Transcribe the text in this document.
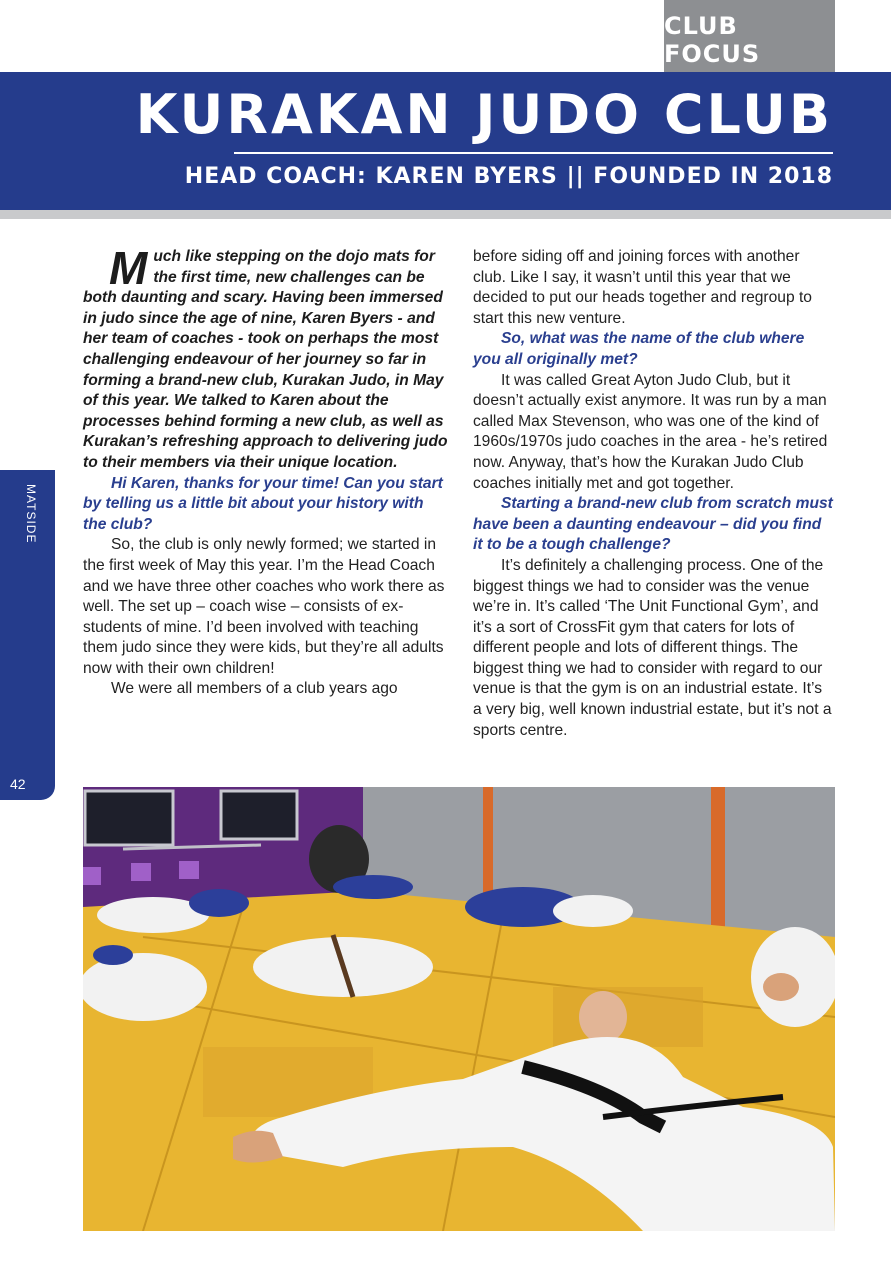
CLUB FOCUS
KURAKAN JUDO CLUB
HEAD COACH: KAREN BYERS || FOUNDED IN 2018
MATSIDE
42

Much like stepping on the dojo mats for the first time, new challenges can be both daunting and scary. Having been immersed in judo since the age of nine, Karen Byers - and her team of coaches - took on perhaps the most challenging endeavour of her journey so far in forming a brand-new club, Kurakan Judo, in May of this year. We talked to Karen about the processes behind forming a new club, as well as Kurakan’s refreshing approach to delivering judo to their members via their unique location.

Hi Karen, thanks for your time! Can you start by telling us a little bit about your history with the club?

So, the club is only newly formed; we started in the first week of May this year. I’m the Head Coach and we have three other coaches who work there as well. The set up – coach wise – consists of ex-students of mine. I’d been involved with teaching them judo since they were kids, but they’re all adults now with their own children!

We were all members of a club years ago

before siding off and joining forces with another club. Like I say, it wasn’t until this year that we decided to put our heads together and regroup to start this new venture.

So, what was the name of the club where you all originally met?

It was called Great Ayton Judo Club, but it doesn’t actually exist anymore. It was run by a man called Max Stevenson, who was one of the kind of 1960s/1970s judo coaches in the area - he’s retired now. Anyway, that’s how the Kurakan Judo Club coaches initially met and got together.

Starting a brand-new club from scratch must have been a daunting endeavour – did you find it to be a tough challenge?

It’s definitely a challenging process. One of the biggest things we had to consider was the venue we’re in. It’s called ‘The Unit Functional Gym’, and it’s a sort of CrossFit gym that caters for lots of different people and lots of different things. The biggest thing we had to consider with regard to our venue is that the gym is on an industrial estate. It’s a very big, well known industrial estate, but it’s not a sports centre.
